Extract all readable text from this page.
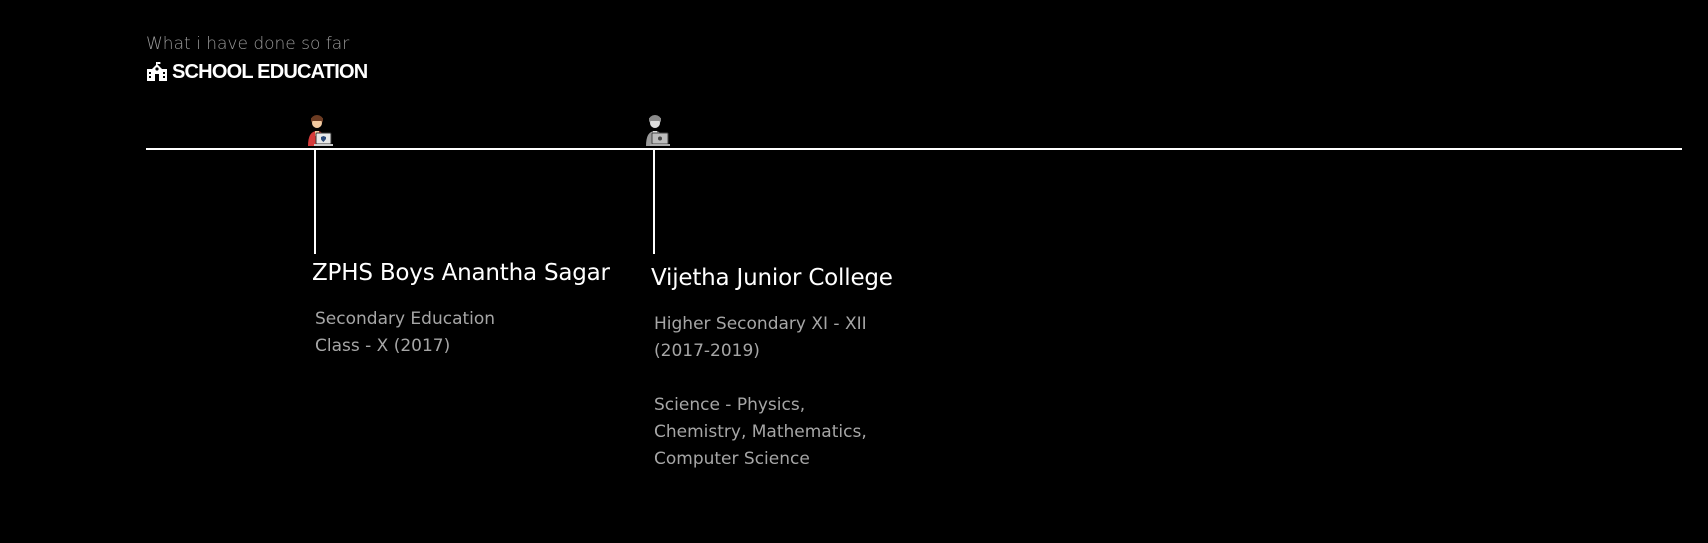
What i have done so far
SCHOOL EDUCATION
ZPHS Boys Anantha Sagar
Secondary Education
Class - X (2017)
Vijetha Junior College
Higher Secondary XI - XII
(2017-2019)
Science - Physics,
Chemistry, Mathematics,
Computer Science
